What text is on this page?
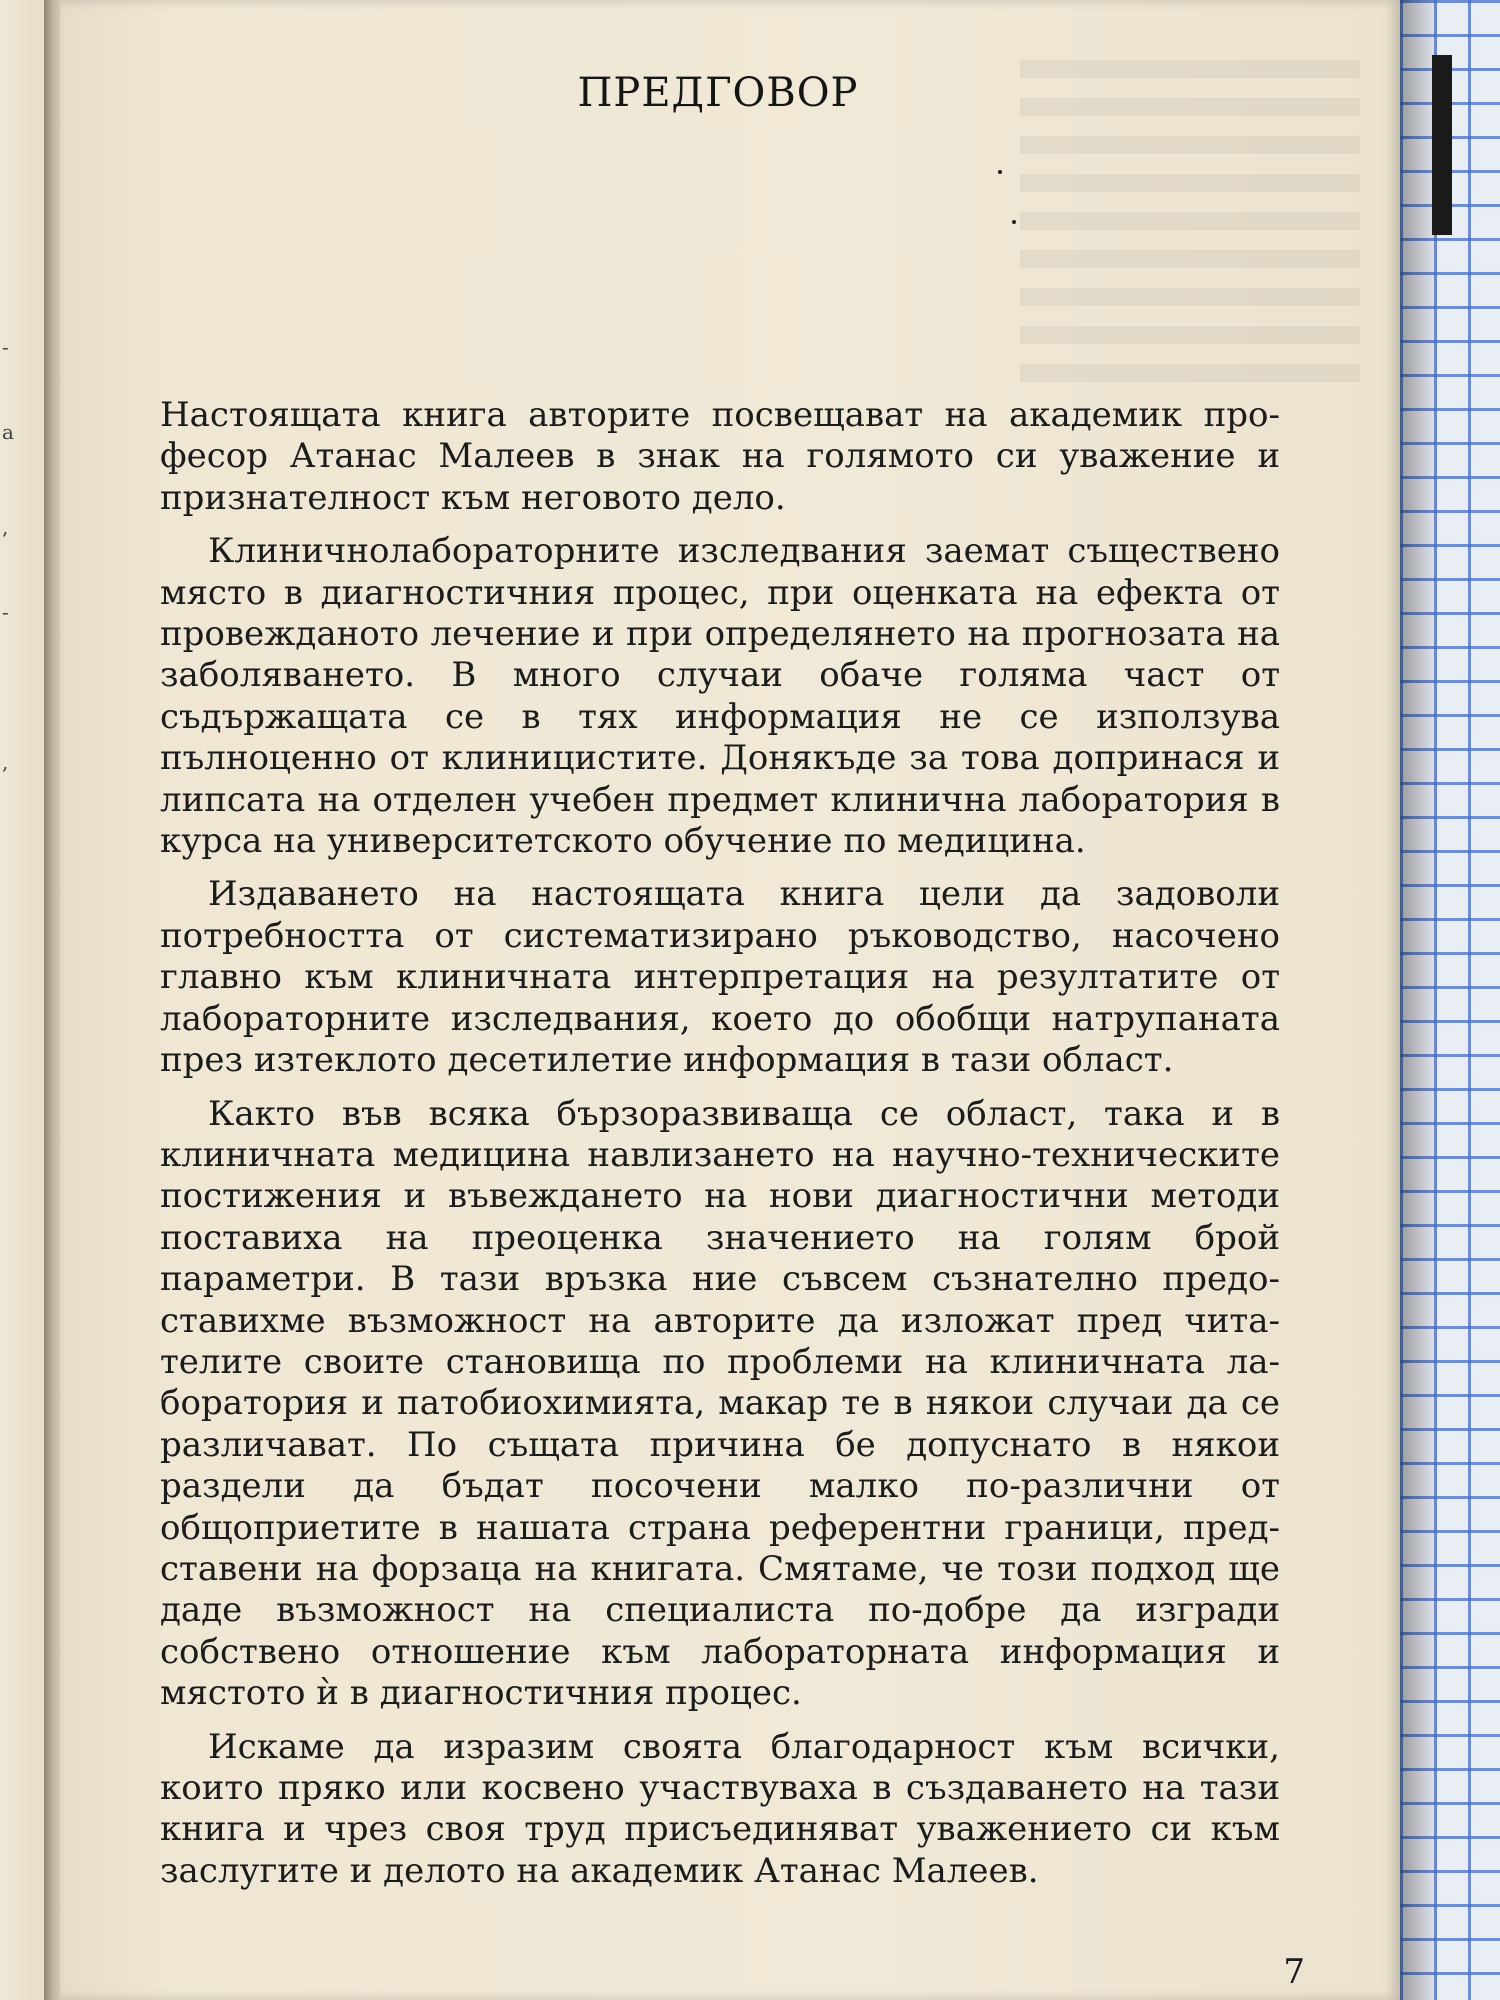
-
а
,
-
,
ПРЕДГОВОР

Настоящата книга авторите посвещават на академик професор Атанас Малеев в знак на голямото си уважение и признателност към неговото дело.

Клиничнолабораторните изследвания заемат съществено място в диагностичния процес, при оценката на ефекта от провежданото лечение и при определянето на прогнозата на заболяването. В много случаи обаче голяма част от съдържащата се в тях информация не се използува пълноценно от клиницистите. Донякъде за това допринася и липсата на отделен учебен предмет клинична лаборатория в курса на университетското обучение по медицина.

Издаването на настоящата книга цели да задоволи потребността от систематизирано ръководство, насочено главно към клиничната интерпретация на резултатите от лабораторните изследвания, което до обобщи натрупаната през изтеклото десетилетие информация в тази област.

Както във всяка бързоразвиваща се област, така и в клиничната медицина навлизането на научно-техническите постижения и въвеждането на нови диагностични методи поставиха на преоценка значението на голям брой параметри. В тази връзка ние съвсем съзнателно предоставихме възможност на авторите да изложат пред читателите своите становища по проблеми на клиничната лаборатория и патобиохимията, макар те в някои случаи да се различават. По същата причина бе допуснато в някои раздели да бъдат посочени малко по-различни от общоприетите в нашата страна референтни граници, представени на форзаца на книгата. Смятаме, че този подход ще даде възможност на специалиста по-добре да изгради собствено отношение към лабораторната информация и мястото ѝ в диагностичния процес.

Искаме да изразим своята благодарност към всички, които пряко или косвено участвуваха в създаването на тази книга и чрез своя труд присъединяват уважението си към заслугите и делото на академик Атанас Малеев.

7
